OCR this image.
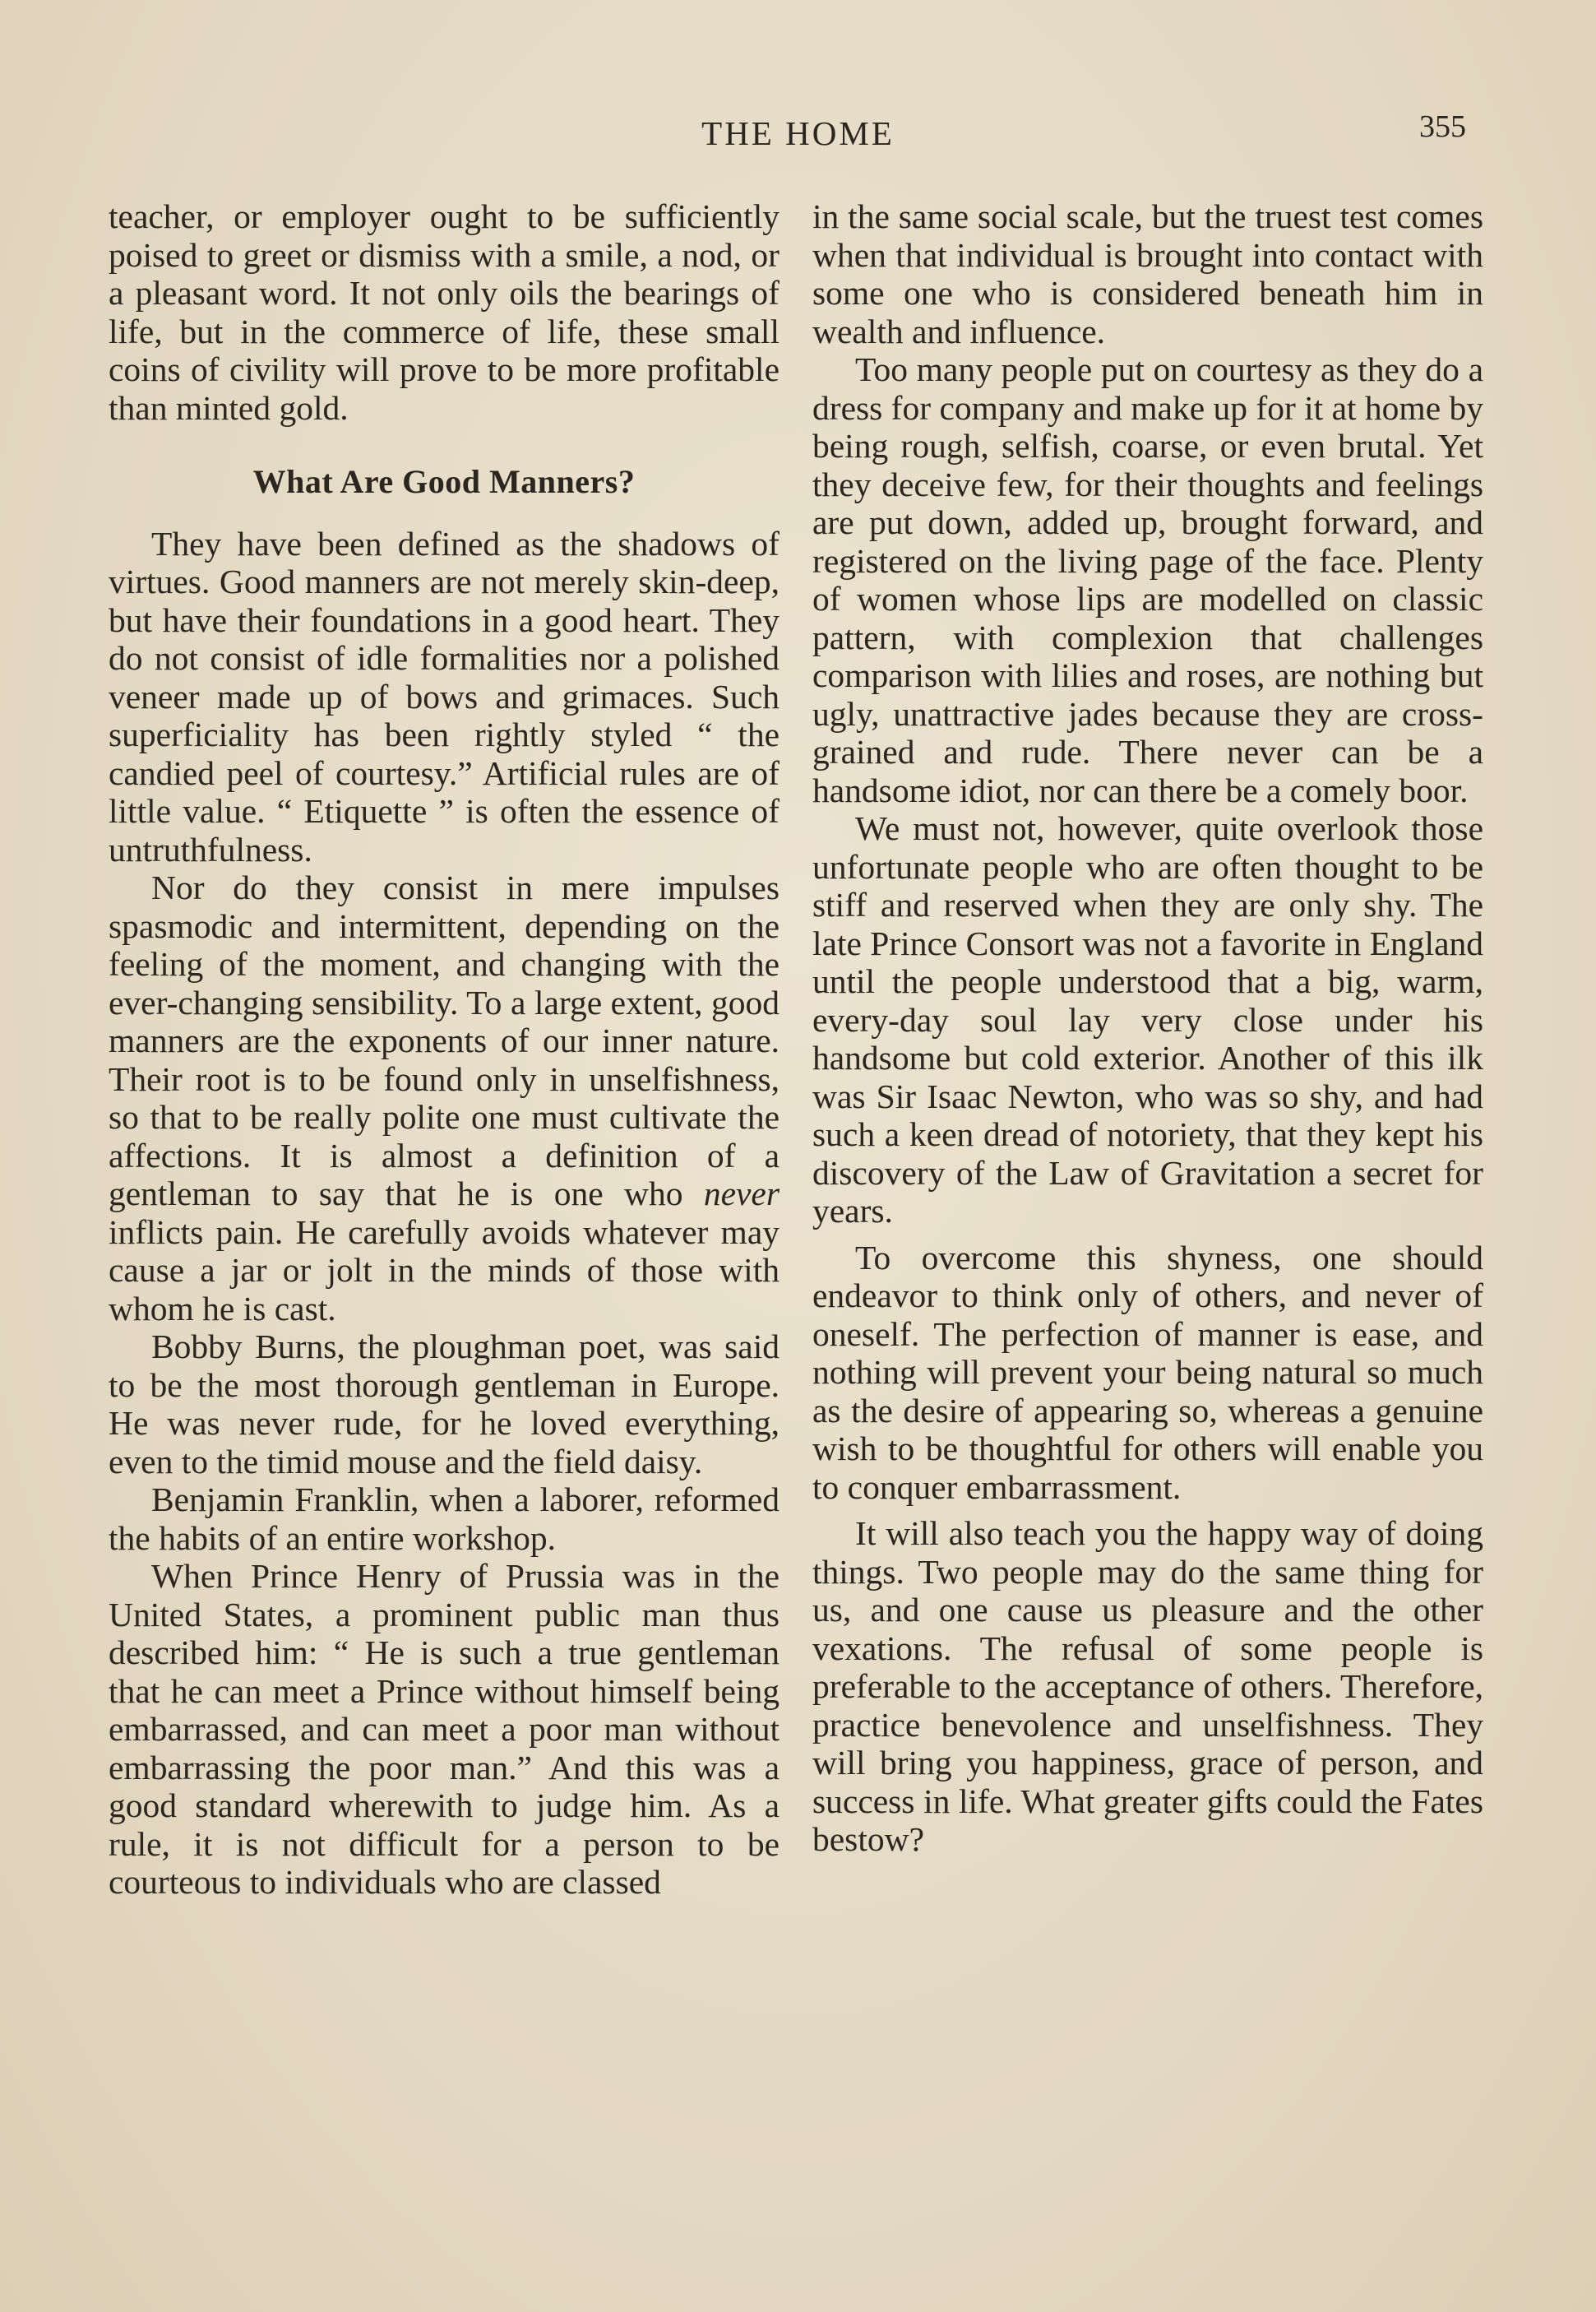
THE HOME	355

teacher, or employer ought to be sufficiently poised to greet or dismiss with a smile, a nod, or a pleasant word. It not only oils the bearings of life, but in the commerce of life, these small coins of civility will prove to be more profitable than minted gold.

What Are Good Manners?

They have been defined as the shadows of virtues. Good manners are not merely skin-deep, but have their foundations in a good heart. They do not consist of idle formalities nor a polished veneer made up of bows and grimaces. Such superficiality has been rightly styled “ the candied peel of courtesy.” Artificial rules are of little value. “ Etiquette ” is often the essence of untruthfulness.

Nor do they consist in mere impulses spasmodic and intermittent, depending on the feeling of the moment, and changing with the ever-changing sensibility. To a large extent, good manners are the exponents of our inner nature. Their root is to be found only in unselfishness, so that to be really polite one must cultivate the affections. It is almost a definition of a gentleman to say that he is one who never inflicts pain. He carefully avoids whatever may cause a jar or jolt in the minds of those with whom he is cast.

Bobby Burns, the ploughman poet, was said to be the most thorough gentleman in Europe. He was never rude, for he loved everything, even to the timid mouse and the field daisy.

Benjamin Franklin, when a laborer, reformed the habits of an entire workshop.

When Prince Henry of Prussia was in the United States, a prominent public man thus described him: “ He is such a true gentleman that he can meet a Prince without himself being embarrassed, and can meet a poor man without embarrassing the poor man.” And this was a good standard wherewith to judge him. As a rule, it is not difficult for a person to be courteous to individuals who are classed

in the same social scale, but the truest test comes when that individual is brought into contact with some one who is considered beneath him in wealth and influence.

Too many people put on courtesy as they do a dress for company and make up for it at home by being rough, selfish, coarse, or even brutal. Yet they deceive few, for their thoughts and feelings are put down, added up, brought forward, and registered on the living page of the face. Plenty of women whose lips are modelled on classic pattern, with complexion that challenges comparison with lilies and roses, are nothing but ugly, unattractive jades because they are cross-grained and rude. There never can be a handsome idiot, nor can there be a comely boor.

We must not, however, quite overlook those unfortunate people who are often thought to be stiff and reserved when they are only shy. The late Prince Consort was not a favorite in England until the people understood that a big, warm, every-day soul lay very close under his handsome but cold exterior. Another of this ilk was Sir Isaac Newton, who was so shy, and had such a keen dread of notoriety, that they kept his discovery of the Law of Gravitation a secret for years.

To overcome this shyness, one should endeavor to think only of others, and never of oneself. The perfection of manner is ease, and nothing will prevent your being natural so much as the desire of appearing so, whereas a genuine wish to be thoughtful for others will enable you to conquer embarrassment.

It will also teach you the happy way of doing things. Two people may do the same thing for us, and one cause us pleasure and the other vexations. The refusal of some people is preferable to the acceptance of others. Therefore, practice benevolence and unselfishness. They will bring you happiness, grace of person, and success in life. What greater gifts could the Fates bestow?
